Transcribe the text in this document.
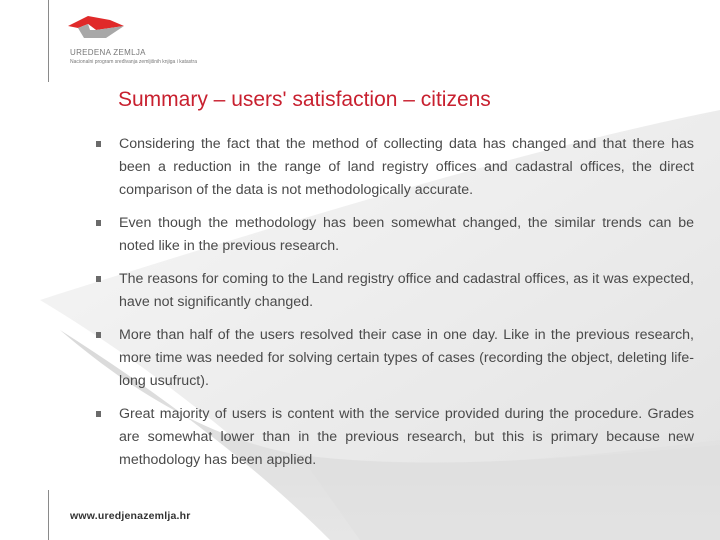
UREDENA ZEMLJA
Nacionalni program sređivanja zemljišnih knjiga i katastra
Summary – users' satisfaction – citizens
Considering the fact that the method of collecting data has changed and that there has been a reduction in the range of land registry offices and cadastral offices, the direct comparison of the data is not methodologically accurate.
Even though the methodology has been somewhat changed, the similar trends can be noted like in the previous research.
The reasons for coming to the Land registry office and cadastral offices, as it was expected, have not significantly changed.
More than half of the users resolved their case in one day. Like in the previous research, more time was needed for solving certain types of cases (recording the object, deleting life-long usufruct).
Great majority of users is content with the service provided during the procedure. Grades are somewhat lower than in the previous research, but this is primary because new methodology has been applied.
www.uredjenazemlja.hr
